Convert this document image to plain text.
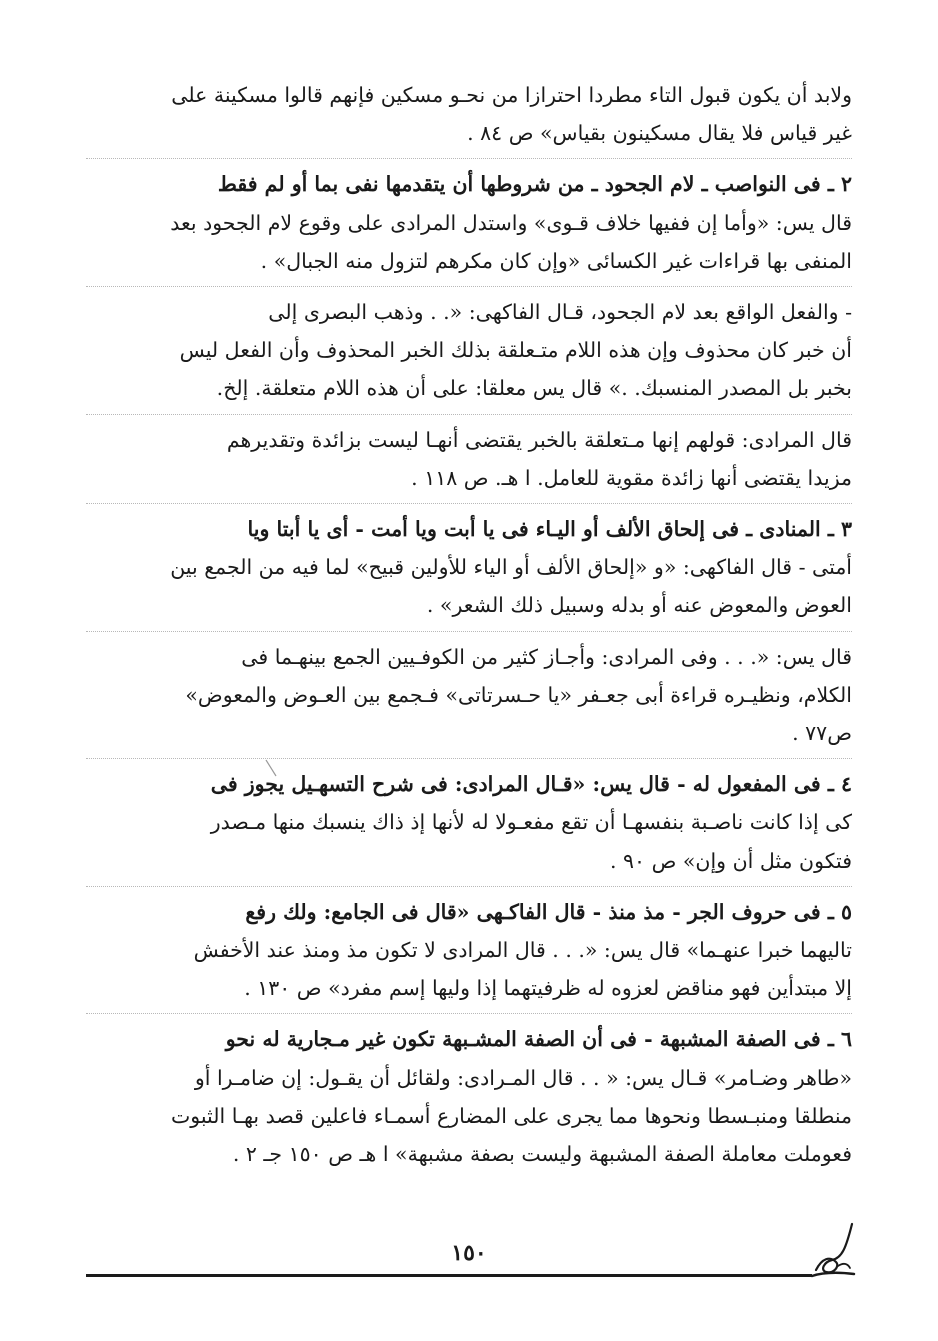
ولابد أن يكون قبول التاء مطردا احترازا من نحـو مسكين فإنهم قالوا مسكينة على
غير قياس فلا يقال مسكينون بقياس» ص ٨٤ .

٢ ـ فى النواصب ـ لام الجحود ـ من شروطها أن يتقدمها نفى بما أو لم فقط
قال يس: «وأما إن ففيها خلاف قـوى» واستدل المرادى على وقوع لام الجحود بعد
المنفى بها قراءات غير الكسائى «وإن كان مكرهم لتزول منه الجبال» .

- والفعل الواقع بعد لام الجحود، قـال الفاكهى: «. . وذهب البصرى إلى
أن خبر كان محذوف وإن هذه اللام متـعلقة بذلك الخبر المحذوف وأن الفعل ليس
بخبر بل المصدر المنسبك. .» قال يس معلقا: على أن هذه اللام متعلقة. إلخ.

قال المرادى: قولهم إنها مـتعلقة بالخبر يقتضى أنهـا ليست بزائدة وتقديرهم
مزيدا يقتضى أنها زائدة مقوية للعامل. ا هـ. ص ١١٨ .

٣ ـ المنادى ـ فى إلحاق الألف أو اليـاء فى يا أبت ويا أمت - أى يا أبتا ويا
أمتى - قال الفاكهى: «و «إلحاق الألف أو الياء للأولين قبيح» لما فيه من الجمع بين
العوض والمعوض عنه أو بدله وسبيل ذلك الشعر» .

قال يس: «. . . وفى المرادى: وأجـاز كثير من الكوفـيين الجمع بينهـما فى
الكلام، ونظيـره قراءة أبى جعـفر «يا حـسرتاتى» فـجمع بين العـوض والمعوض»
ص٧٧ .

٤ ـ فى المفعول له - قال يس: «قـال المرادى: فى شرح التسهـيل يجوز فى
كى إذا كانت ناصـبة بنفسهـا أن تقع مفعـولا له لأنها إذ ذاك ينسبك منها مـصدر
فتكون مثل أن وإن» ص ٩٠ .

٥ ـ فى حروف الجر - مذ منذ - قال الفاكـهى «قال فى الجامع: ولك رفع
تاليهما خبرا عنهـما» قال يس: «. . . قال المرادى لا تكون مذ ومنذ عند الأخفش
إلا مبتدأين فهو مناقض لعزوه له ظرفيتهما إذا وليها إسم مفرد» ص ١٣٠ .

٦ ـ فى الصفة المشبهة - فى أن الصفة المشـبهة تكون غير مـجارية له نحو
«طاهر وضـامر» قـال يس: « . . قال المـرادى: ولقائل أن يقـول: إن ضامـرا أو
منطلقا ومنبـسطا ونحوها مما يجرى على المضارع أسمـاء فاعلين قصد بهـا الثبوت
فعوملت معاملة الصفة المشبهة وليست بصفة مشبهة» ا هـ ص ١٥٠ جـ ٢ .

١٥٠
